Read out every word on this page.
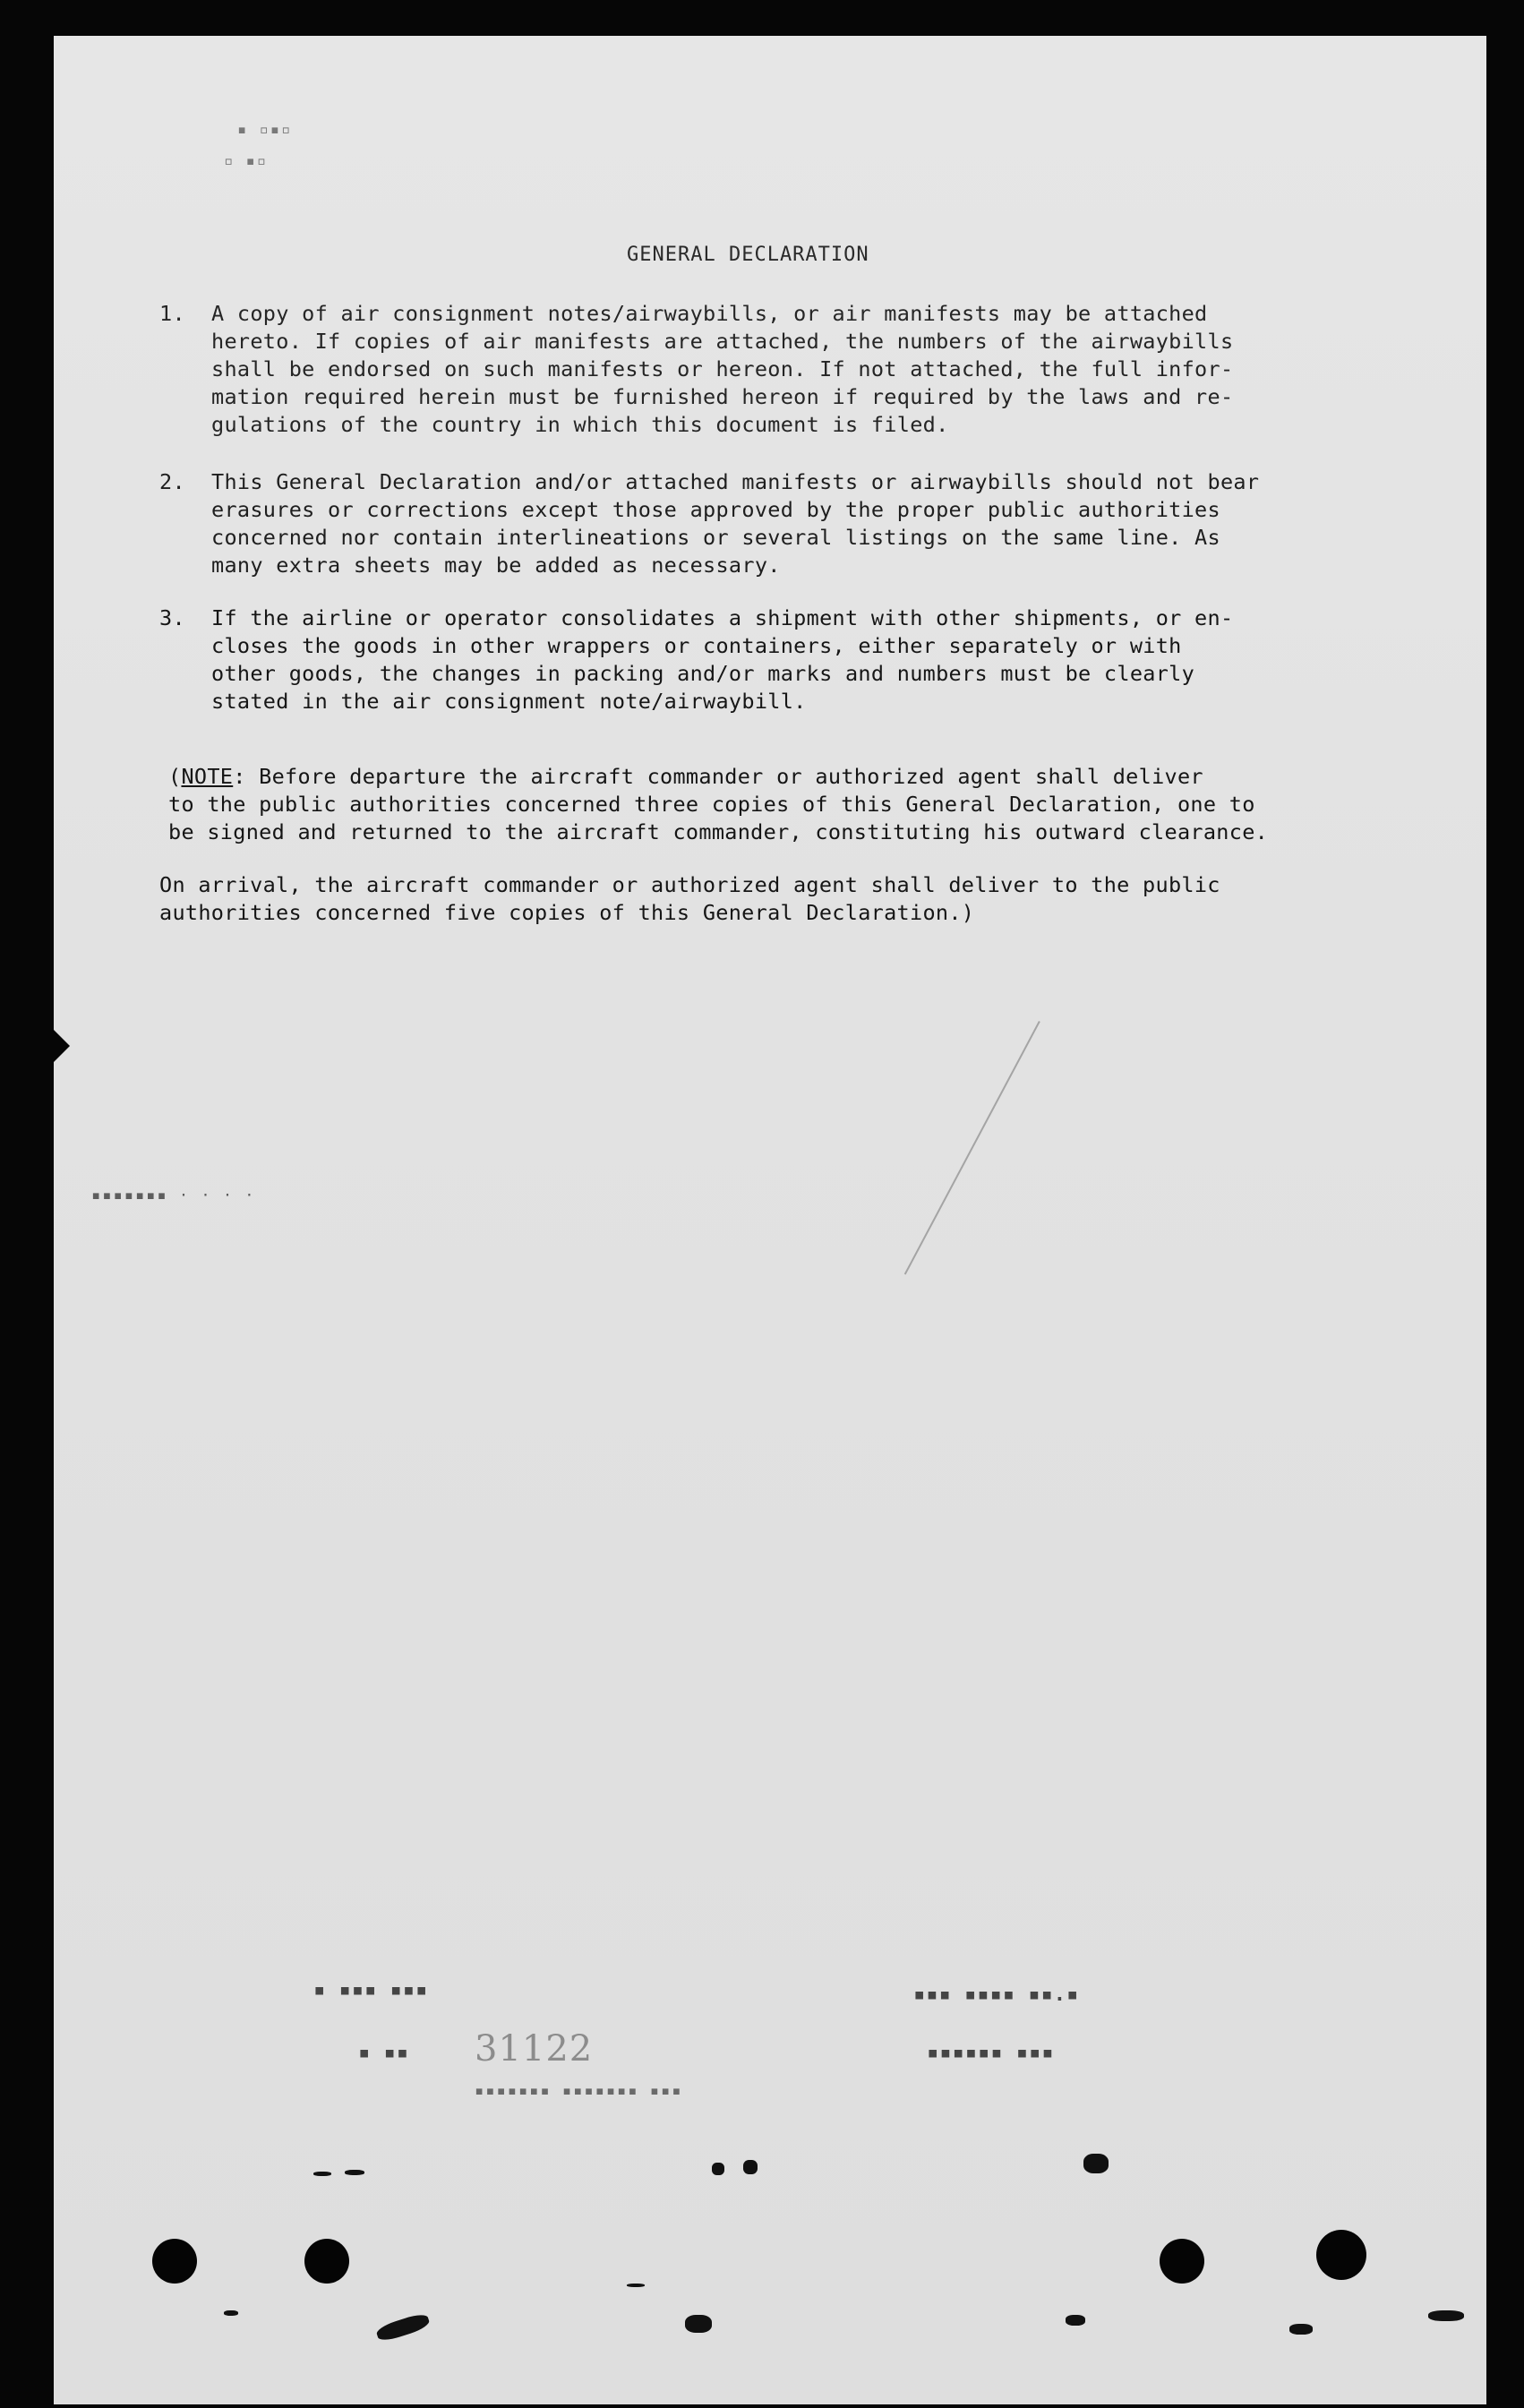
▪ ▫▪▫
▫ ▪▫
▪▪▪▪▪▪▪ · · · ·
GENERAL DECLARATION
1.	A copy of air consignment notes/airwaybills, or air manifests may be attached
hereto. If copies of air manifests are attached, the numbers of the airwaybills
shall be endorsed on such manifests or hereon. If not attached, the full infor-
mation required herein must be furnished hereon if required by the laws and re-
gulations of the country in which this document is filed.
2.	This General Declaration and/or attached manifests or airwaybills should not bear
erasures or corrections except those approved by the proper public authorities
concerned nor contain interlineations or several listings on the same line. As
many extra sheets may be added as necessary.
3.	If the airline or operator consolidates a shipment with other shipments, or en-
closes the goods in other wrappers or containers, either separately or with
other goods, the changes in packing and/or marks and numbers must be clearly
stated in the air consignment note/airwaybill.
(NOTE: Before departure the aircraft commander or authorized agent shall deliver
to the public authorities concerned three copies of this General Declaration, one to
be signed and returned to the aircraft commander, constituting his outward clearance.
On arrival, the aircraft commander or authorized agent shall deliver to the public
authorities concerned five copies of this General Declaration.)
▪ ▪▪▪ ▪▪▪	▪▪▪ ▪▪▪▪ ▪▪.▪
▪ ▪▪	▪▪▪▪▪▪ ▪▪▪
31122
▪▪▪▪▪▪▪ ▪▪▪▪▪▪▪ ▪▪▪
